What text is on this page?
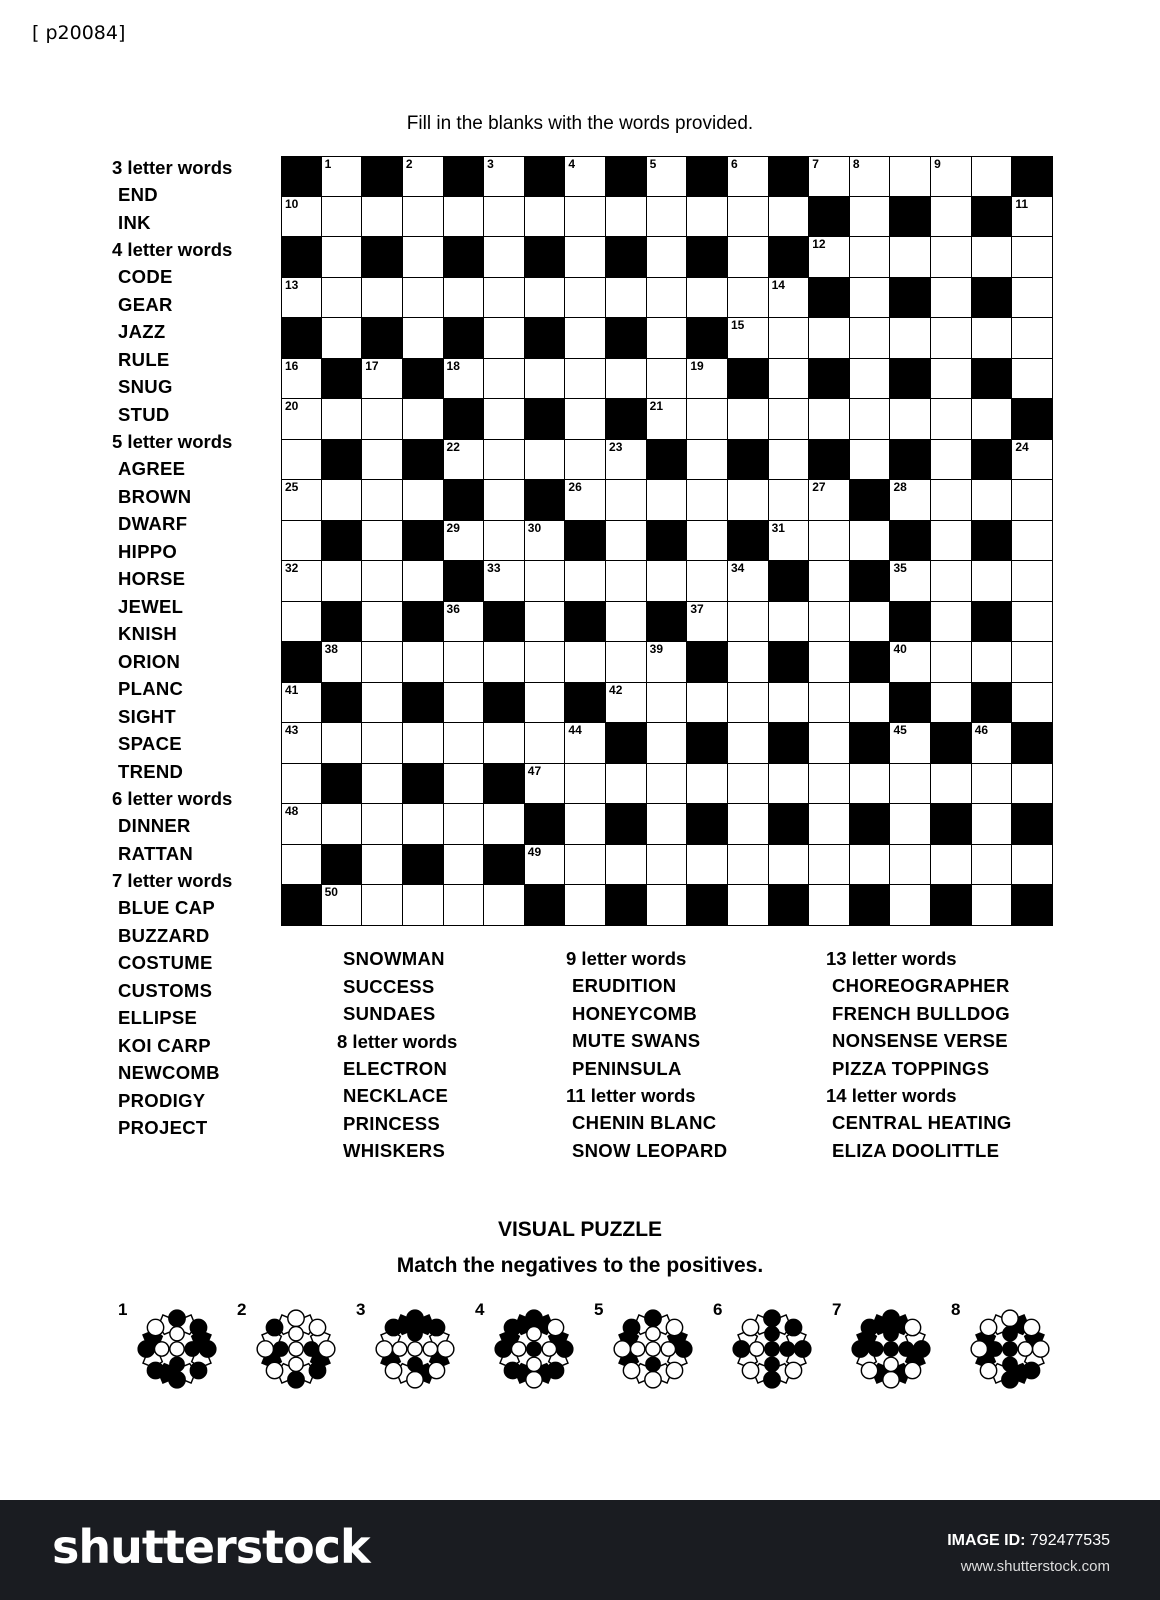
[ p20084]
Fill in the blanks with the words provided.
1	2	3	4	5	6	7	8	9
10	11
12
13	14
15
16	17	18	19
20	21
22	23	24
25	26	27	28
29	30	31
32	33	34	35
36	37
38	39	40
41	42
43	44	45	46
47
48
49
50
3 letter words
END
INK
4 letter words
CODE
GEAR
JAZZ
RULE
SNUG
STUD
5 letter words
AGREE
BROWN
DWARF
HIPPO
HORSE
JEWEL
KNISH
ORION
PLANC
SIGHT
SPACE
TREND
6 letter words
DINNER
RATTAN
7 letter words
BLUE CAP
BUZZARD
COSTUME
CUSTOMS
ELLIPSE
KOI CARP
NEWCOMB
PRODIGY
PROJECT
SNOWMAN
SUCCESS
SUNDAES
8 letter words
ELECTRON
NECKLACE
PRINCESS
WHISKERS
9 letter words
ERUDITION
HONEYCOMB
MUTE SWANS
PENINSULA
11 letter words
CHENIN BLANC
SNOW LEOPARD
13 letter words
CHOREOGRAPHER
FRENCH BULLDOG
NONSENSE VERSE
PIZZA TOPPINGS
14 letter words
CENTRAL HEATING
ELIZA DOOLITTLE
VISUAL PUZZLE
Match the negatives to the positives.
1	2	3	4	5	6	7	8
shutterstock	IMAGE ID: 792477535
www.shutterstock.com
